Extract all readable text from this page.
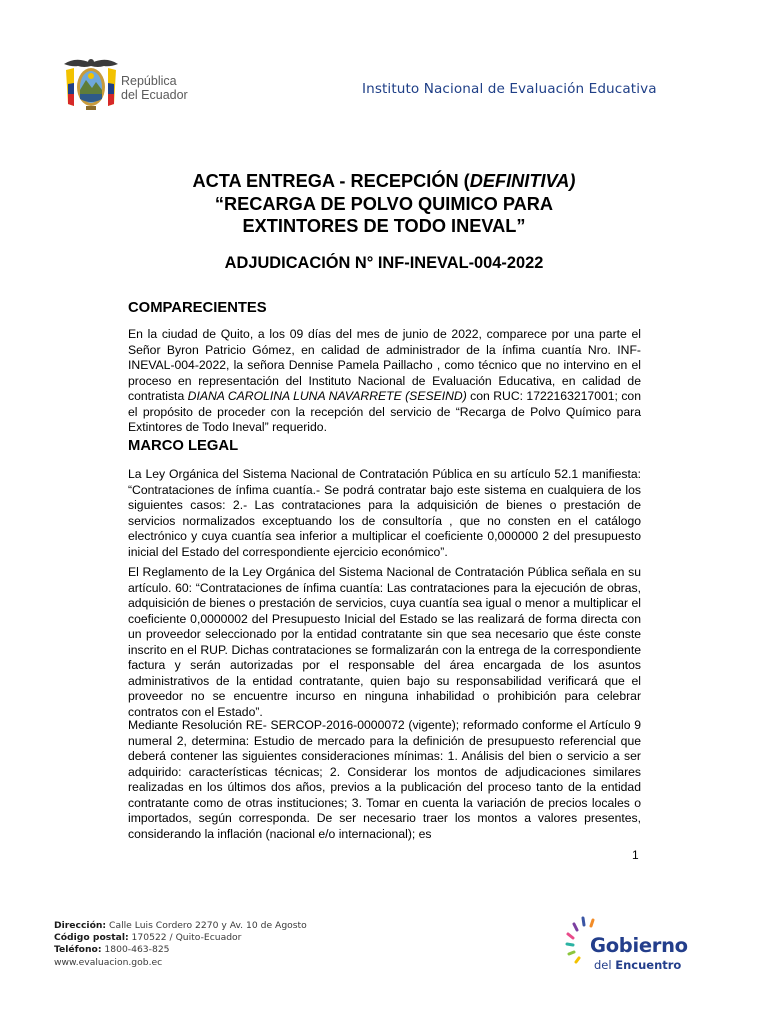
República
del Ecuador	Instituto Nacional de Evaluación Educativa
ACTA ENTREGA - RECEPCIÓN (DEFINITIVA)
“RECARGA DE POLVO QUIMICO PARA
EXTINTORES DE TODO INEVAL”
ADJUDICACIÓN N° INF-INEVAL-004-2022
COMPARECIENTES
En la ciudad de Quito, a los 09 días del mes de junio de 2022, comparece por una parte el Señor Byron Patricio Gómez, en calidad de administrador de la ínfima cuantía Nro. INF-INEVAL-004-2022, la señora Dennise Pamela Paillacho , como técnico que no intervino en el proceso en representación del Instituto Nacional de Evaluación Educativa, en calidad de contratista DIANA CAROLINA LUNA NAVARRETE (SESEIND) con RUC: 1722163217001; con el propósito de proceder con la recepción del servicio de “Recarga de Polvo Químico para Extintores de Todo Ineval” requerido.
MARCO LEGAL
La Ley Orgánica del Sistema Nacional de Contratación Pública en su artículo 52.1 manifiesta: “Contrataciones de ínfima cuantía.- Se podrá contratar bajo este sistema en cualquiera de los siguientes casos: 2.- Las contrataciones para la adquisición de bienes o prestación de servicios normalizados exceptuando los de consultoría , que no consten en el catálogo electrónico y cuya cuantía sea inferior a multiplicar el coeficiente 0,000000 2 del presupuesto inicial del Estado del correspondiente ejercicio económico”.
El Reglamento de la Ley Orgánica del Sistema Nacional de Contratación Pública señala en su artículo. 60: “Contrataciones de ínfima cuantía: Las contrataciones para la ejecución de obras, adquisición de bienes o prestación de servicios, cuya cuantía sea igual o menor a multiplicar el coeficiente 0,0000002 del Presupuesto Inicial del Estado se las realizará de forma directa con un proveedor seleccionado por la entidad contratante sin que sea necesario que éste conste inscrito en el RUP. Dichas contrataciones se formalizarán con la entrega de la correspondiente factura y serán autorizadas por el responsable del área encargada de los asuntos administrativos de la entidad contratante, quien bajo su responsabilidad verificará que el proveedor no se encuentre incurso en ninguna inhabilidad o prohibición para celebrar contratos con el Estado”.
Mediante Resolución RE- SERCOP-2016-0000072 (vigente); reformado conforme el Artículo 9 numeral 2, determina: Estudio de mercado para la definición de presupuesto referencial que deberá contener las siguientes consideraciones mínimas: 1. Análisis del bien o servicio a ser adquirido: características técnicas; 2. Considerar los montos de adjudicaciones similares realizadas en los últimos dos años, previos a la publicación del proceso tanto de la entidad contratante como de otras instituciones; 3. Tomar en cuenta la variación de precios locales o importados, según corresponda. De ser necesario traer los montos a valores presentes, considerando la inflación (nacional e/o internacional); es
1
Dirección: Calle Luis Cordero 2270 y Av. 10 de Agosto
Código postal: 170522 / Quito-Ecuador
Teléfono: 1800-463-825
www.evaluacion.gob.ec
Gobierno
del Encuentro
